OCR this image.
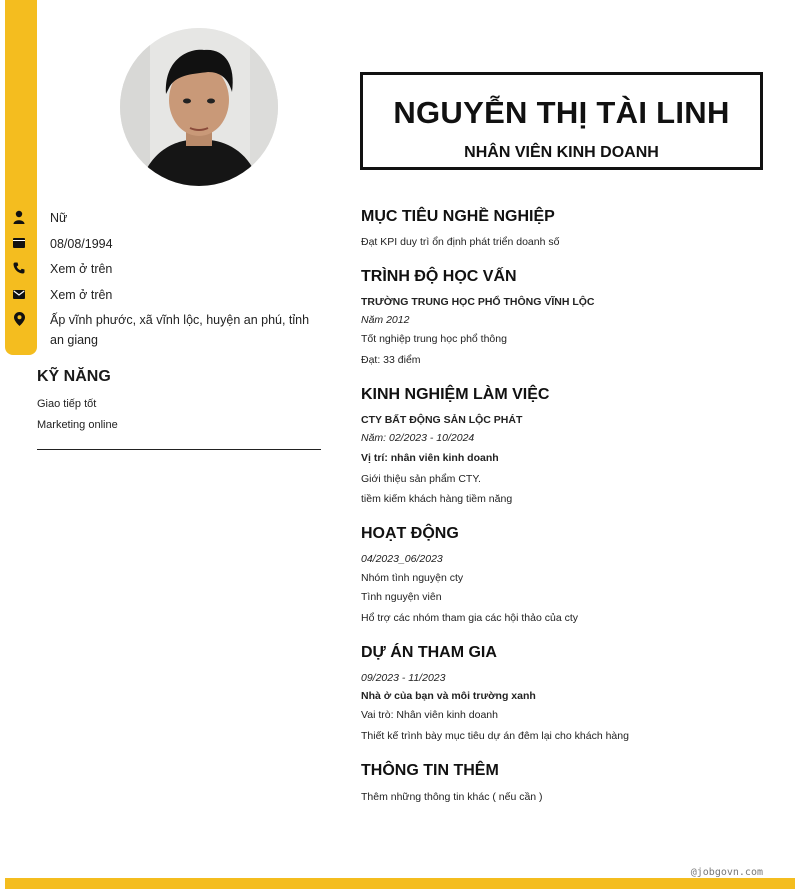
Nữ
08/08/1994
Xem ở trên
Xem ở trên
Ấp vĩnh phước, xã vĩnh lộc, huyện an phú, tỉnh an giang
KỸ NĂNG
Giao tiếp tốt
Marketing online
NGUYỄN THỊ TÀI LINH
NHÂN VIÊN KINH DOANH
MỤC TIÊU NGHỀ NGHIỆP
Đạt KPI duy trì ổn định phát triển doanh số
TRÌNH ĐỘ HỌC VẤN
TRƯỜNG TRUNG HỌC PHỔ THÔNG VĨNH LỘC
Năm 2012
Tốt nghiệp trung học phổ thông
Đạt: 33 điểm
KINH NGHIỆM LÀM VIỆC
CTY BẤT ĐỘNG SẢN LỘC PHÁT
Năm: 02/2023 - 10/2024
Vị trí: nhân viên kinh doanh
Giới thiệu sản phẩm CTY.
tiềm kiếm khách hàng tiềm năng
HOẠT ĐỘNG
04/2023_06/2023
Nhóm tình nguyện cty
Tình nguyện viên
Hổ trợ các nhóm tham gia các hội thảo của cty
DỰ ÁN THAM GIA
09/2023 - 11/2023
Nhà ở của bạn và môi trường xanh
Vai trò: Nhân viên kinh doanh
Thiết kế trình bày mục tiêu dự án đêm lại cho khách hàng
THÔNG TIN THÊM
Thêm những thông tin khác ( nếu cần )
@jobgovn.com
